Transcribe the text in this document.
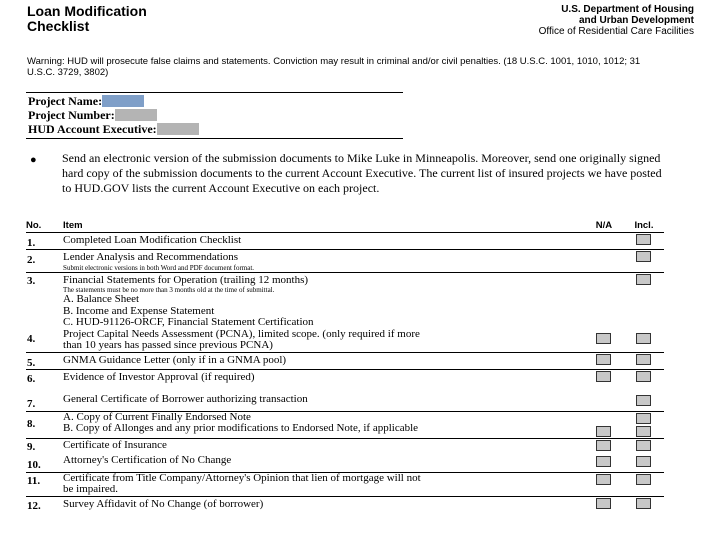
Loan Modification
Checklist
U.S. Department of Housing
and Urban Development
Office of Residential Care Facilities
Warning: HUD will prosecute false claims and statements. Conviction may result in criminal and/or civil penalties. (18 U.S.C. 1001, 1010, 1012; 31 U.S.C. 3729, 3802)
Project Name:
Project Number:
HUD Account Executive:
● Send an electronic version of the submission documents to Mike Luke in Minneapolis. Moreover, send one originally signed hard copy of the submission documents to the current Account Executive. The current list of insured projects we have posted to HUD.GOV lists the current Account Executive on each project.
No.	Item	N/A	Incl.
1.	Completed Loan Modification Checklist		
2.	Lender Analysis and Recommendations
Submit electronic versions in both Word and PDF document format.		

3.	Financial Statements for Operation (trailing 12 months)
The statements must be no more than 3 months old at the time of submittal.
A. Balance Sheet
B. Income and Expense Statement
C. HUD-91126-ORCF, Financial Statement Certification		

4.	Project Capital Needs Assessment (PCNA), limited scope. (only required if more
than 10 years has passed since previous PCNA)		

5.	GNMA Guidance Letter (only if in a GNMA pool)		
6.	Evidence of Investor Approval (if required)		
7.	General Certificate of Borrower authorizing transaction		
8.	A. Copy of Current Finally Endorsed Note
B. Copy of Allonges and any prior modifications to Endorsed Note, if applicable		

9.	Certificate of Insurance		
10.	Attorney's Certification of No Change		
11.	Certificate from Title Company/Attorney's Opinion that lien of mortgage will not
be impaired.		

12.	Survey Affidavit of No Change (of borrower)		
